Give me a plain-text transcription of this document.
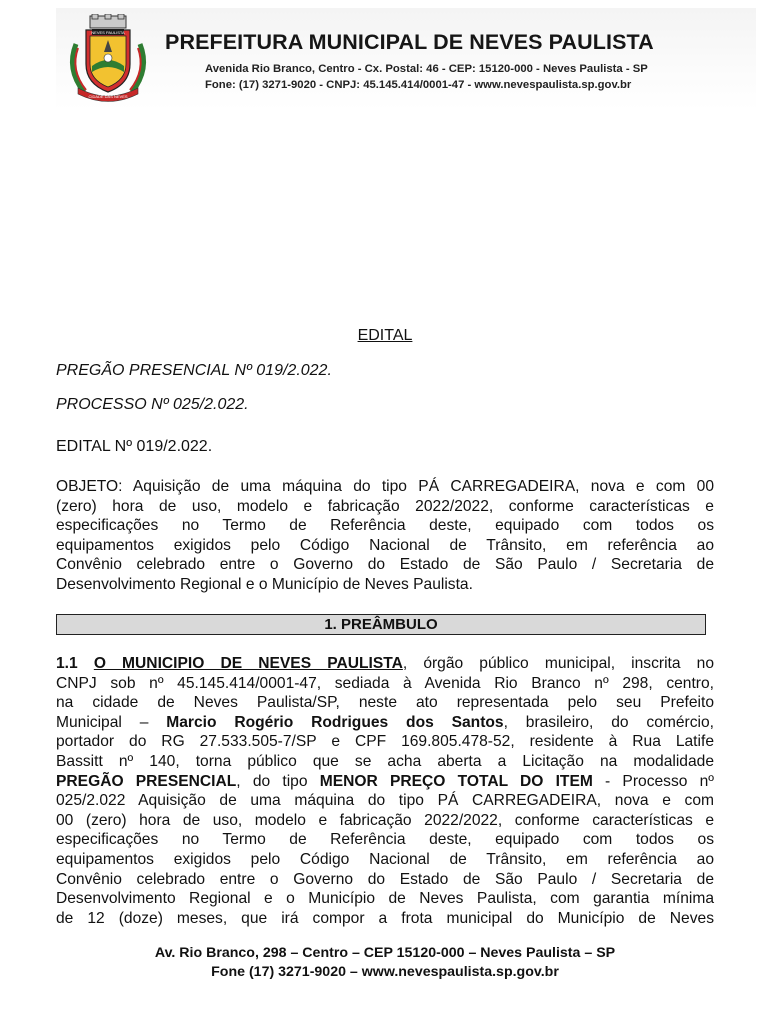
NEVES PAULISTA
CIDADE DAS NEVES
PREFEITURA MUNICIPAL DE NEVES PAULISTA
Avenida Rio Branco, Centro - Cx. Postal: 46 - CEP: 15120-000 - Neves Paulista - SP
Fone: (17) 3271-9020 - CNPJ: 45.145.414/0001-47 - www.nevespaulista.sp.gov.br
EDITAL
PREGÃO PRESENCIAL Nº 019/2.022.
PROCESSO Nº 025/2.022.
EDITAL Nº 019/2.022.
OBJETO: Aquisição de uma máquina do tipo PÁ CARREGADEIRA, nova e com 00
(zero) hora de uso, modelo e fabricação 2022/2022, conforme características e
especificações no Termo de Referência deste, equipado com todos os
equipamentos exigidos pelo Código Nacional de Trânsito, em referência ao
Convênio celebrado entre o Governo do Estado de São Paulo / Secretaria de
Desenvolvimento Regional e o Município de Neves Paulista.
1. PREÂMBULO
1.1 O MUNICIPIO DE NEVES PAULISTA, órgão público municipal, inscrita no
CNPJ sob nº 45.145.414/0001-47, sediada à Avenida Rio Branco nº 298, centro,
na cidade de Neves Paulista/SP, neste ato representada pelo seu Prefeito
Municipal – Marcio Rogério Rodrigues dos Santos, brasileiro, do comércio,
portador do RG 27.533.505-7/SP e CPF 169.805.478-52, residente à Rua Latife
Bassitt nº 140, torna público que se acha aberta a Licitação na modalidade
PREGÃO PRESENCIAL, do tipo MENOR PREÇO TOTAL DO ITEM - Processo nº
025/2.022 Aquisição de uma máquina do tipo PÁ CARREGADEIRA, nova e com
00 (zero) hora de uso, modelo e fabricação 2022/2022, conforme características e
especificações no Termo de Referência deste, equipado com todos os
equipamentos exigidos pelo Código Nacional de Trânsito, em referência ao
Convênio celebrado entre o Governo do Estado de São Paulo / Secretaria de
Desenvolvimento Regional e o Município de Neves Paulista, com garantia mínima
de 12 (doze) meses, que irá compor a frota municipal do Município de Neves
Av. Rio Branco, 298 – Centro – CEP 15120-000 – Neves Paulista – SP
Fone (17) 3271-9020 – www.nevespaulista.sp.gov.br
